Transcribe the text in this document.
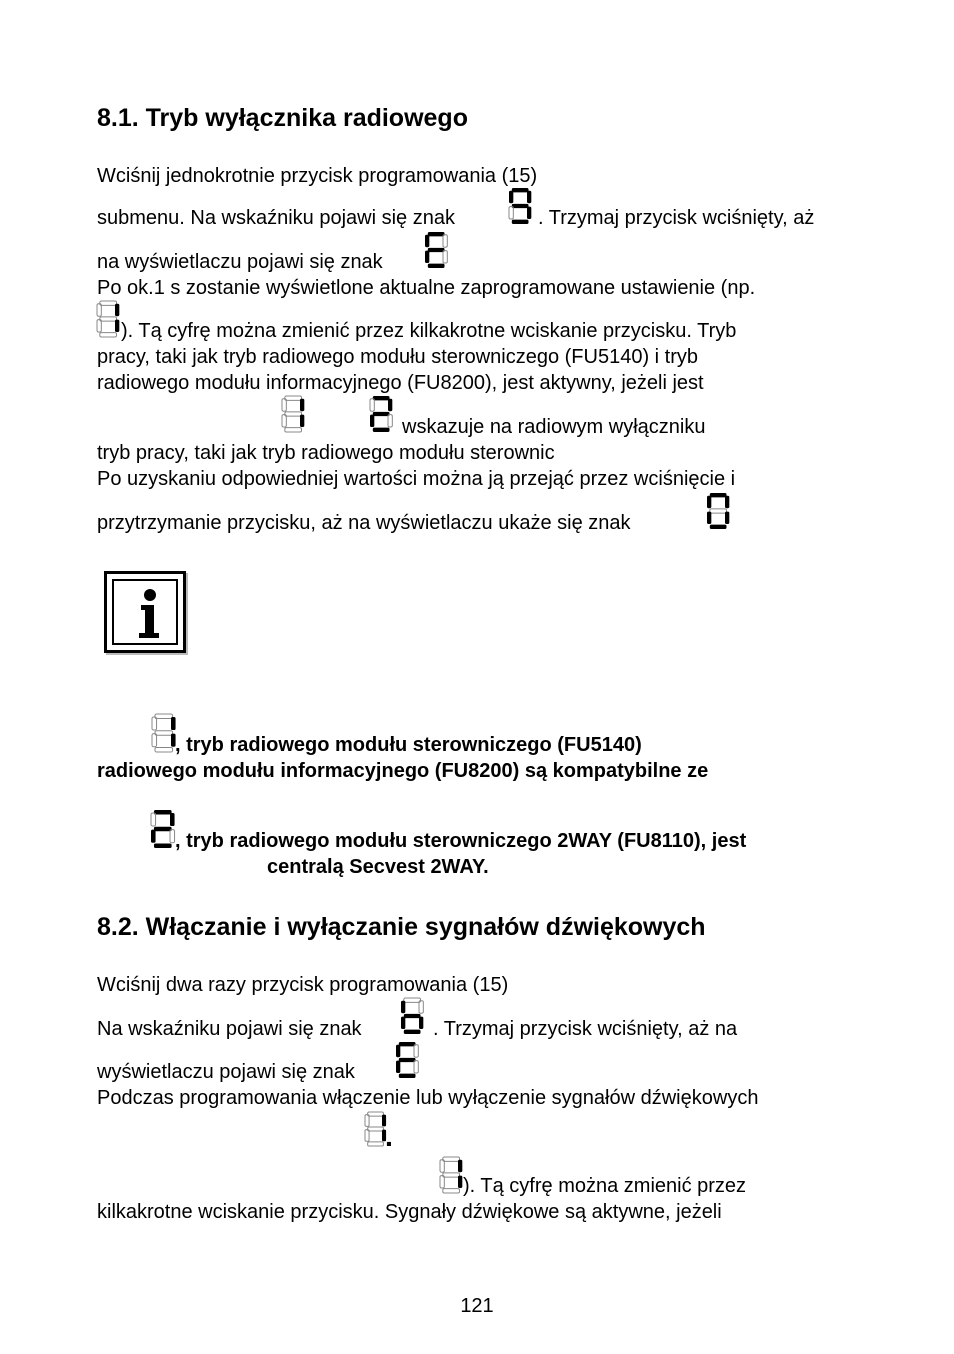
8.1. Tryb wyłącznika radiowego
Wciśnij jednokrotnie przycisk programowania (15)
submenu. Na wskaźniku pojawi się znak	. Trzymaj przycisk wciśnięty, aż
na wyświetlaczu pojawi się znak
Po ok.1 s zostanie wyświetlone aktualne zaprogramowane ustawienie (np.
). Tą cyfrę można zmienić przez kilkakrotne wciskanie przycisku. Tryb
pracy, taki jak tryb radiowego modułu sterowniczego (FU5140) i tryb
radiowego modułu informacyjnego (FU8200), jest aktywny, jeżeli jest
wskazuje na radiowym wyłączniku
tryb pracy, taki jak tryb radiowego modułu sterownic
Po uzyskaniu odpowiedniej wartości można ją przejąć przez wciśnięcie i
przytrzymanie przycisku, aż na wyświetlaczu ukaże się znak
, tryb radiowego modułu sterowniczego (FU5140)
radiowego modułu informacyjnego (FU8200) są kompatybilne ze
, tryb radiowego modułu sterowniczego 2WAY (FU8110), jest
centralą Secvest 2WAY.
8.2. Włączanie i wyłączanie sygnałów dźwiękowych
Wciśnij dwa razy przycisk programowania (15)
Na wskaźniku pojawi się znak	. Trzymaj przycisk wciśnięty, aż na
wyświetlaczu pojawi się znak
Podczas programowania włączenie lub wyłączenie sygnałów dźwiękowych
). Tą cyfrę można zmienić przez
kilkakrotne wciskanie przycisku. Sygnały dźwiękowe są aktywne, jeżeli
121
